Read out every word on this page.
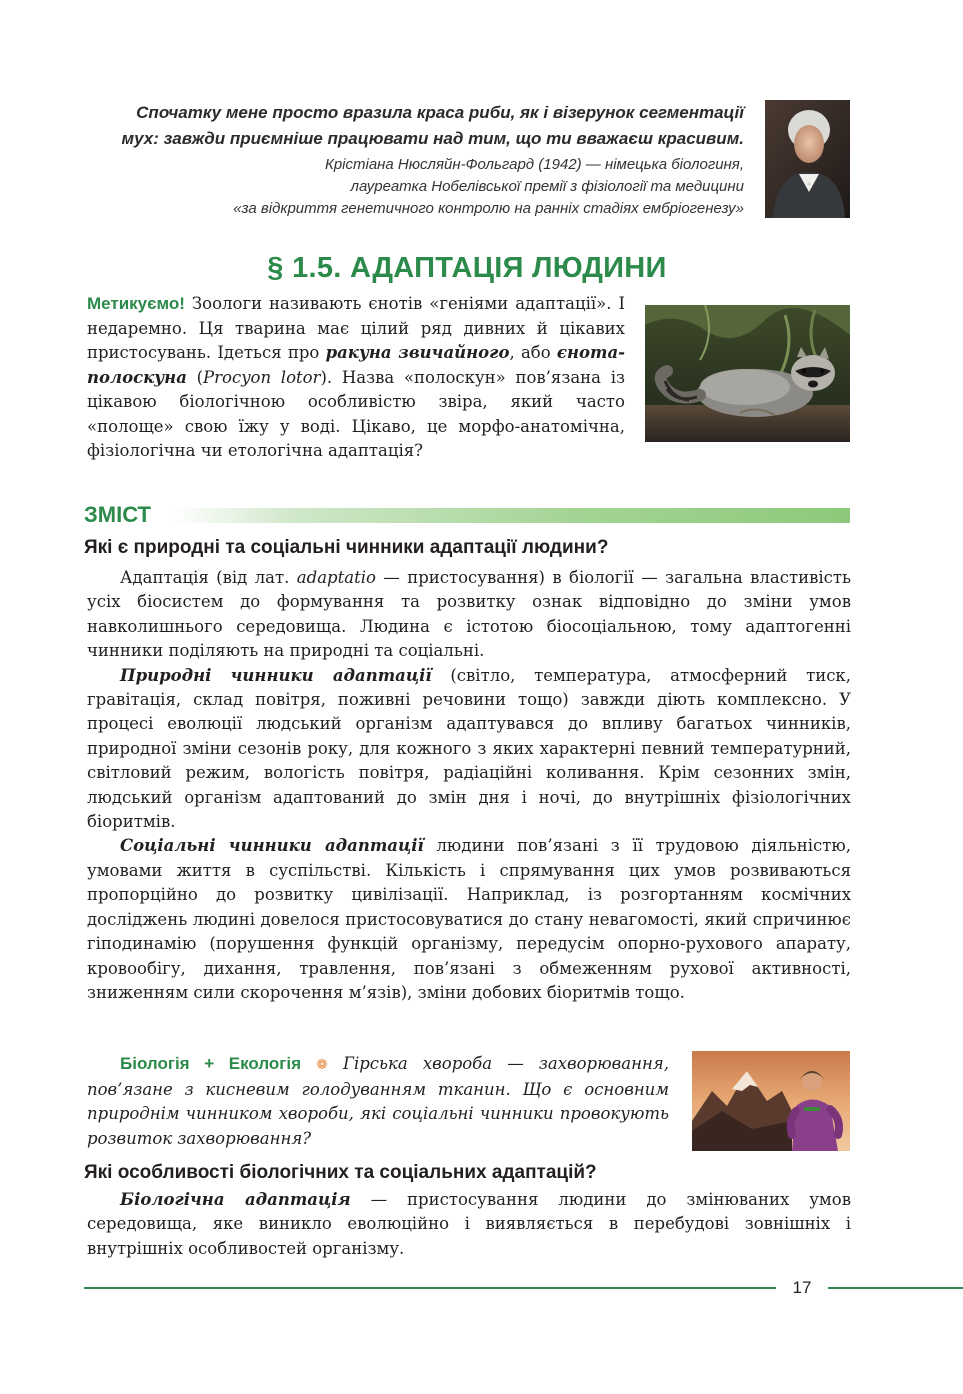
Спочатку мене просто вразила краса риби, як і візерунок сегментації
мух: завжди приємніше працювати над тим, що ти вважаєш красивим.
Крістіана Нюсляйн-Фольгард (1942) — німецька біологиня,
лауреатка Нобелівської премії з фізіології та медицини
«за відкриття генетичного контролю на ранніх стадіях ембріогенезу»
§ 1.5. АДАПТАЦІЯ ЛЮДИНИ
Метикуємо! Зоологи називають єнотів «геніями адаптації». І недаремно. Ця тварина має цілий ряд дивних й цікавих пристосувань. Ідеться про ракуна звичайного, або єнота-полоскуна (Procyon lotor). Назва «полоскун» пов’язана із цікавою біологічною особливістю звіра, який часто «полоще» свою їжу у воді. Цікаво, це морфо-анатомічна, фізіологічна чи етологічна адаптація?
ЗМІСТ
Які є природні та соціальні чинники адаптації людини?

Адаптація (від лат. adaptatio — пристосування) в біології — загальна властивість усіх біосистем до формування та розвитку ознак відповідно до зміни умов навколишнього середовища. Людина є істотою біосоціальною, тому адаптогенні чинники поділяють на природні та соціальні.

Природні чинники адаптації (світло, температура, атмосферний тиск, гравітація, склад повітря, поживні речовини тощо) завжди діють комплексно. У процесі еволюції людський організм адаптувався до впливу багатьох чинників, природної зміни сезонів року, для кожного з яких характерні певний температурний, світловий режим, вологість повітря, радіаційні коливання. Крім сезонних змін, людський організм адаптований до змін дня і ночі, до внутрішніх фізіологічних біоритмів.

Соціальні чинники адаптації людини пов’язані з її трудовою діяльністю, умовами життя в суспільстві. Кількість і спрямування цих умов розвиваються пропорційно до розвитку цивілізації. Наприклад, із розгортанням космічних досліджень людині довелося пристосовуватися до стану невагомості, який спричинює гіподинамію (порушення функцій організму, передусім опорно-рухового апарату, кровообігу, дихання, травлення, пов’язані з обмеженням рухової активності, зниженням сили скорочення м’язів), зміни добових біоритмів тощо.

Біологія + Екологія ❁ Гірська хвороба — захворювання, пов’язане з кисневим голодуванням тканин. Що є основним природнім чинником хвороби, які соціальні чинники провокують розвиток захворювання?
Які особливості біологічних та соціальних адаптацій?

Біологічна адаптація — пристосування людини до змінюваних умов середовища, яке виникло еволюційно і виявляється в перебудові зовнішніх і внутрішніх особливостей організму.

17
